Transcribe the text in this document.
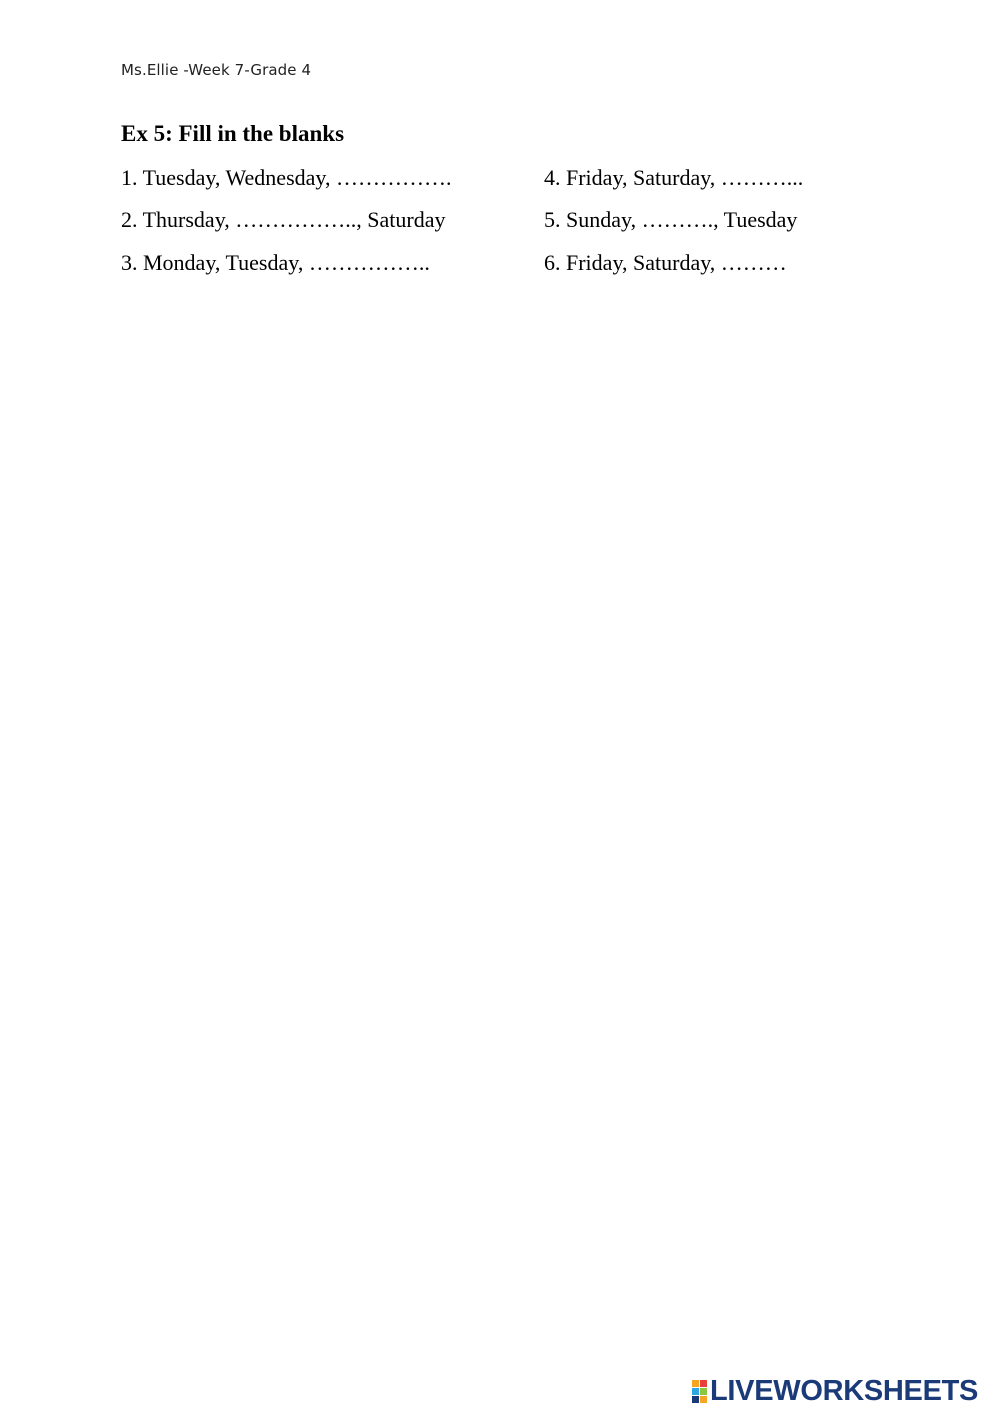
Ms.Ellie -Week 7-Grade 4
Ex 5: Fill in the blanks
1. Tuesday, Wednesday, …………….
2. Thursday, …………….., Saturday
3. Monday, Tuesday, ……………..
4. Friday, Saturday, ………...
5. Sunday, ………., Tuesday
6. Friday, Saturday, ………
LIVEWORKSHEETS
